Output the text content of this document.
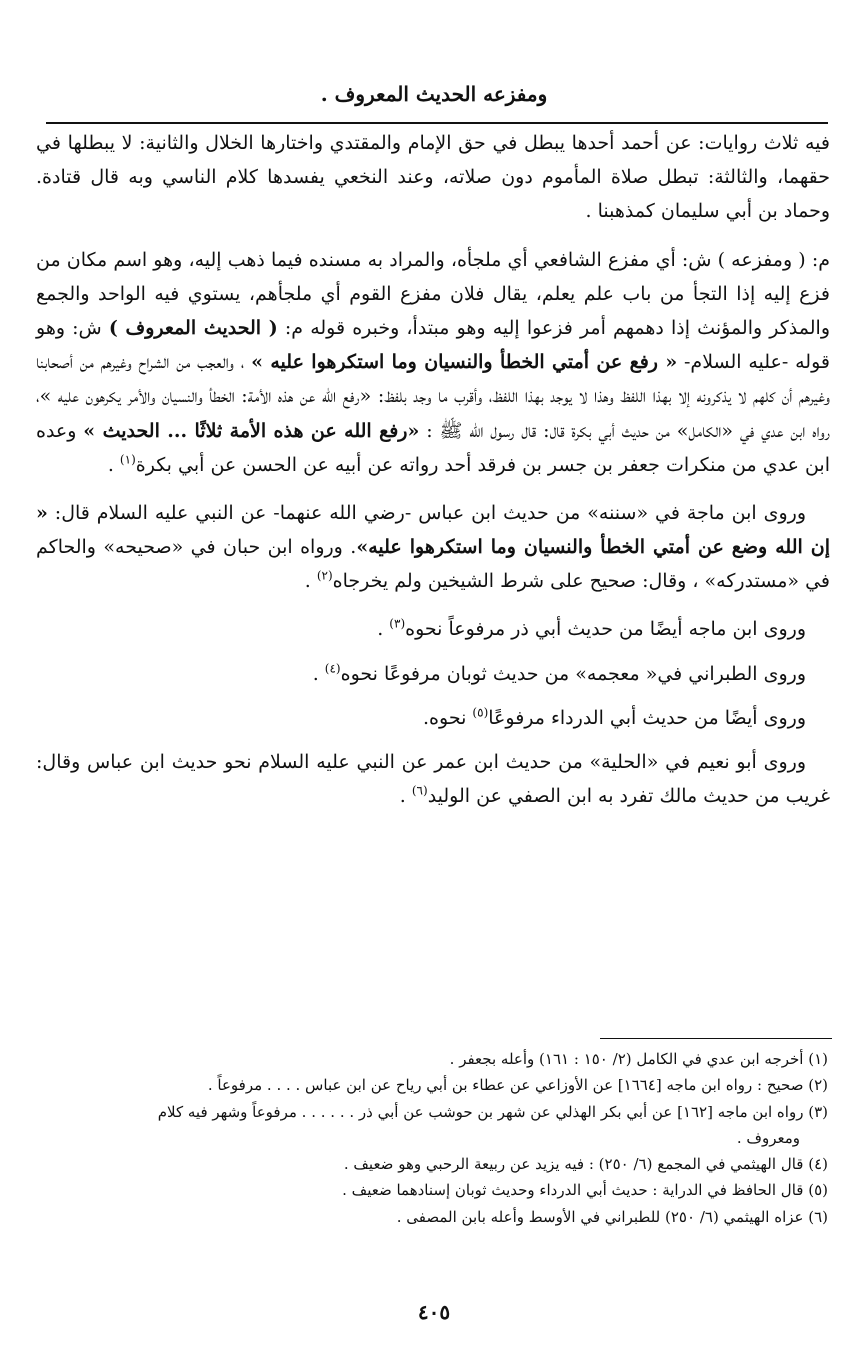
ومفزعه الحديث المعروف .

فيه ثلاث روايات: عن أحمد أحدها يبطل في حق الإمام والمقتدي واختارها الخلال والثانية: لا يبطلها في حقهما، والثالثة: تبطل صلاة المأموم دون صلاته، وعند النخعي يفسدها كلام الناسي وبه قال قتادة. وحماد بن أبي سليمان كمذهبنا .

م: ( ومفزعه ) ش: أي مفزع الشافعي أي ملجأه، والمراد به مسنده فيما ذهب إليه، وهو اسم مكان من فزع إليه إذا التجأ من باب علم يعلم، يقال فلان مفزع القوم أي ملجأهم، يستوي فيه الواحد والجمع والمذكر والمؤنث إذا دهمهم أمر فزعوا إليه وهو مبتدأ، وخبره قوله م: ( الحديث المعروف ) ش: وهو قوله -عليه السلام- « رفع عن أمتي الخطأ والنسيان وما استكرهوا عليه » ، والعجب من الشراح وغيرهم من أصحابنا وغيرهم أن كلهم لا يذكرونه إلا بهذا اللفظ وهذا لا يوجد بهذا اللفظ، وأقرب ما وجد بلفظ: «رفع الله عن هذه الأمة: الخطأ والنسيان والأمر يكرهون عليه »، رواه ابن عدي في «الكامل» من حديث أبي بكرة قال: قال رسول الله ﷺ : «رفع الله عن هذه الأمة ثلاثًا ... الحديث » وعده ابن عدي من منكرات جعفر بن جسر بن فرقد أحد رواته عن أبيه عن الحسن عن أبي بكرة$^{(١)}$ .

وروى ابن ماجة في «سننه» من حديث ابن عباس -رضي الله عنهما- عن النبي عليه السلام قال: « إن الله وضع عن أمتي الخطأ والنسيان وما استكرهوا عليه». ورواه ابن حبان في «صحيحه» والحاكم في «مستدركه» ، وقال: صحيح على شرط الشيخين ولم يخرجاه$^{(٢)}$ .

وروى ابن ماجه أيضًا من حديث أبي ذر مرفوعاً نحوه$^{(٣)}$ .

وروى الطبراني في« معجمه» من حديث ثوبان مرفوعًا نحوه$^{(٤)}$ .

وروى أيضًا من حديث أبي الدرداء مرفوعًا$^{(٥)}$ نحوه.

وروى أبو نعيم في «الحلية» من حديث ابن عمر عن النبي عليه السلام نحو حديث ابن عباس وقال: غريب من حديث مالك تفرد به ابن الصفي عن الوليد$^{(٦)}$ .

(١) أخرجه ابن عدي في الكامل (٢/ ١٥٠ : ١٦١) وأعله بجعفر .

(٢) صحيح : رواه ابن ماجه [١٦٦٤] عن الأوزاعي عن عطاء بن أبي رياح عن ابن عباس . . . . مرفوعاً .

(٣) رواه ابن ماجه [١٦٢] عن أبي بكر الهذلي عن شهر بن حوشب عن أبي ذر . . . . . . مرفوعاً وشهر فيه كلام

ومعروف .

(٤) قال الهيثمي في المجمع (٦/ ٢٥٠) : فيه يزيد عن ربيعة الرحبي وهو ضعيف .

(٥) قال الحافظ في الدراية : حديث أبي الدرداء وحديث ثوبان إسنادهما ضعيف .

(٦) عزاه الهيثمي (٦/ ٢٥٠) للطبراني في الأوسط وأعله بابن المصفى .

٤٠٥
